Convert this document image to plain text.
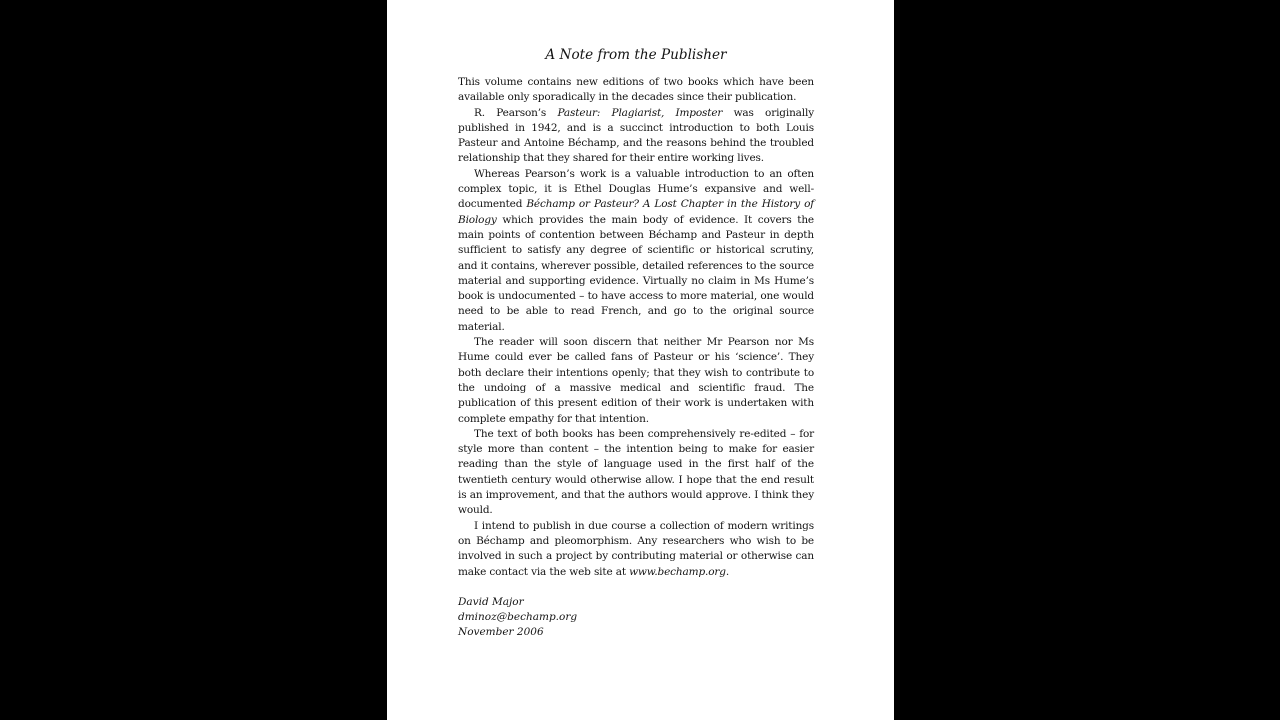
A Note from the Publisher

This volume contains new editions of two books which have been available only sporadically in the decades since their publication.

R. Pearson’s Pasteur: Plagiarist, Imposter was originally published in 1942, and is a succinct introduction to both Louis Pasteur and Antoine Béchamp, and the reasons behind the troubled relationship that they shared for their entire working lives.

Whereas Pearson’s work is a valuable introduction to an often complex topic, it is Ethel Douglas Hume’s expansive and well-documented Béchamp or Pasteur? A Lost Chapter in the History of Biology which provides the main body of evidence. It covers the main points of contention between Béchamp and Pasteur in depth sufficient to satisfy any degree of scientific or historical scrutiny, and it contains, wherever possible, detailed references to the source material and supporting evidence. Virtually no claim in Ms Hume’s book is undocumented – to have access to more material, one would need to be able to read French, and go to the original source material.

The reader will soon discern that neither Mr Pearson nor Ms Hume could ever be called fans of Pasteur or his ‘science’. They both declare their intentions openly; that they wish to contribute to the undoing of a massive medical and scientific fraud. The publication of this present edition of their work is undertaken with complete empathy for that intention.

The text of both books has been comprehensively re-edited – for style more than content – the intention being to make for easier reading than the style of language used in the first half of the twentieth century would otherwise allow. I hope that the end result is an improvement, and that the authors would approve. I think they would.

I intend to publish in due course a collection of modern writings on Béchamp and pleomorphism. Any researchers who wish to be involved in such a project by contributing material or otherwise can make contact via the web site at www.bechamp.org.

David Major
dminoz@bechamp.org
November 2006
